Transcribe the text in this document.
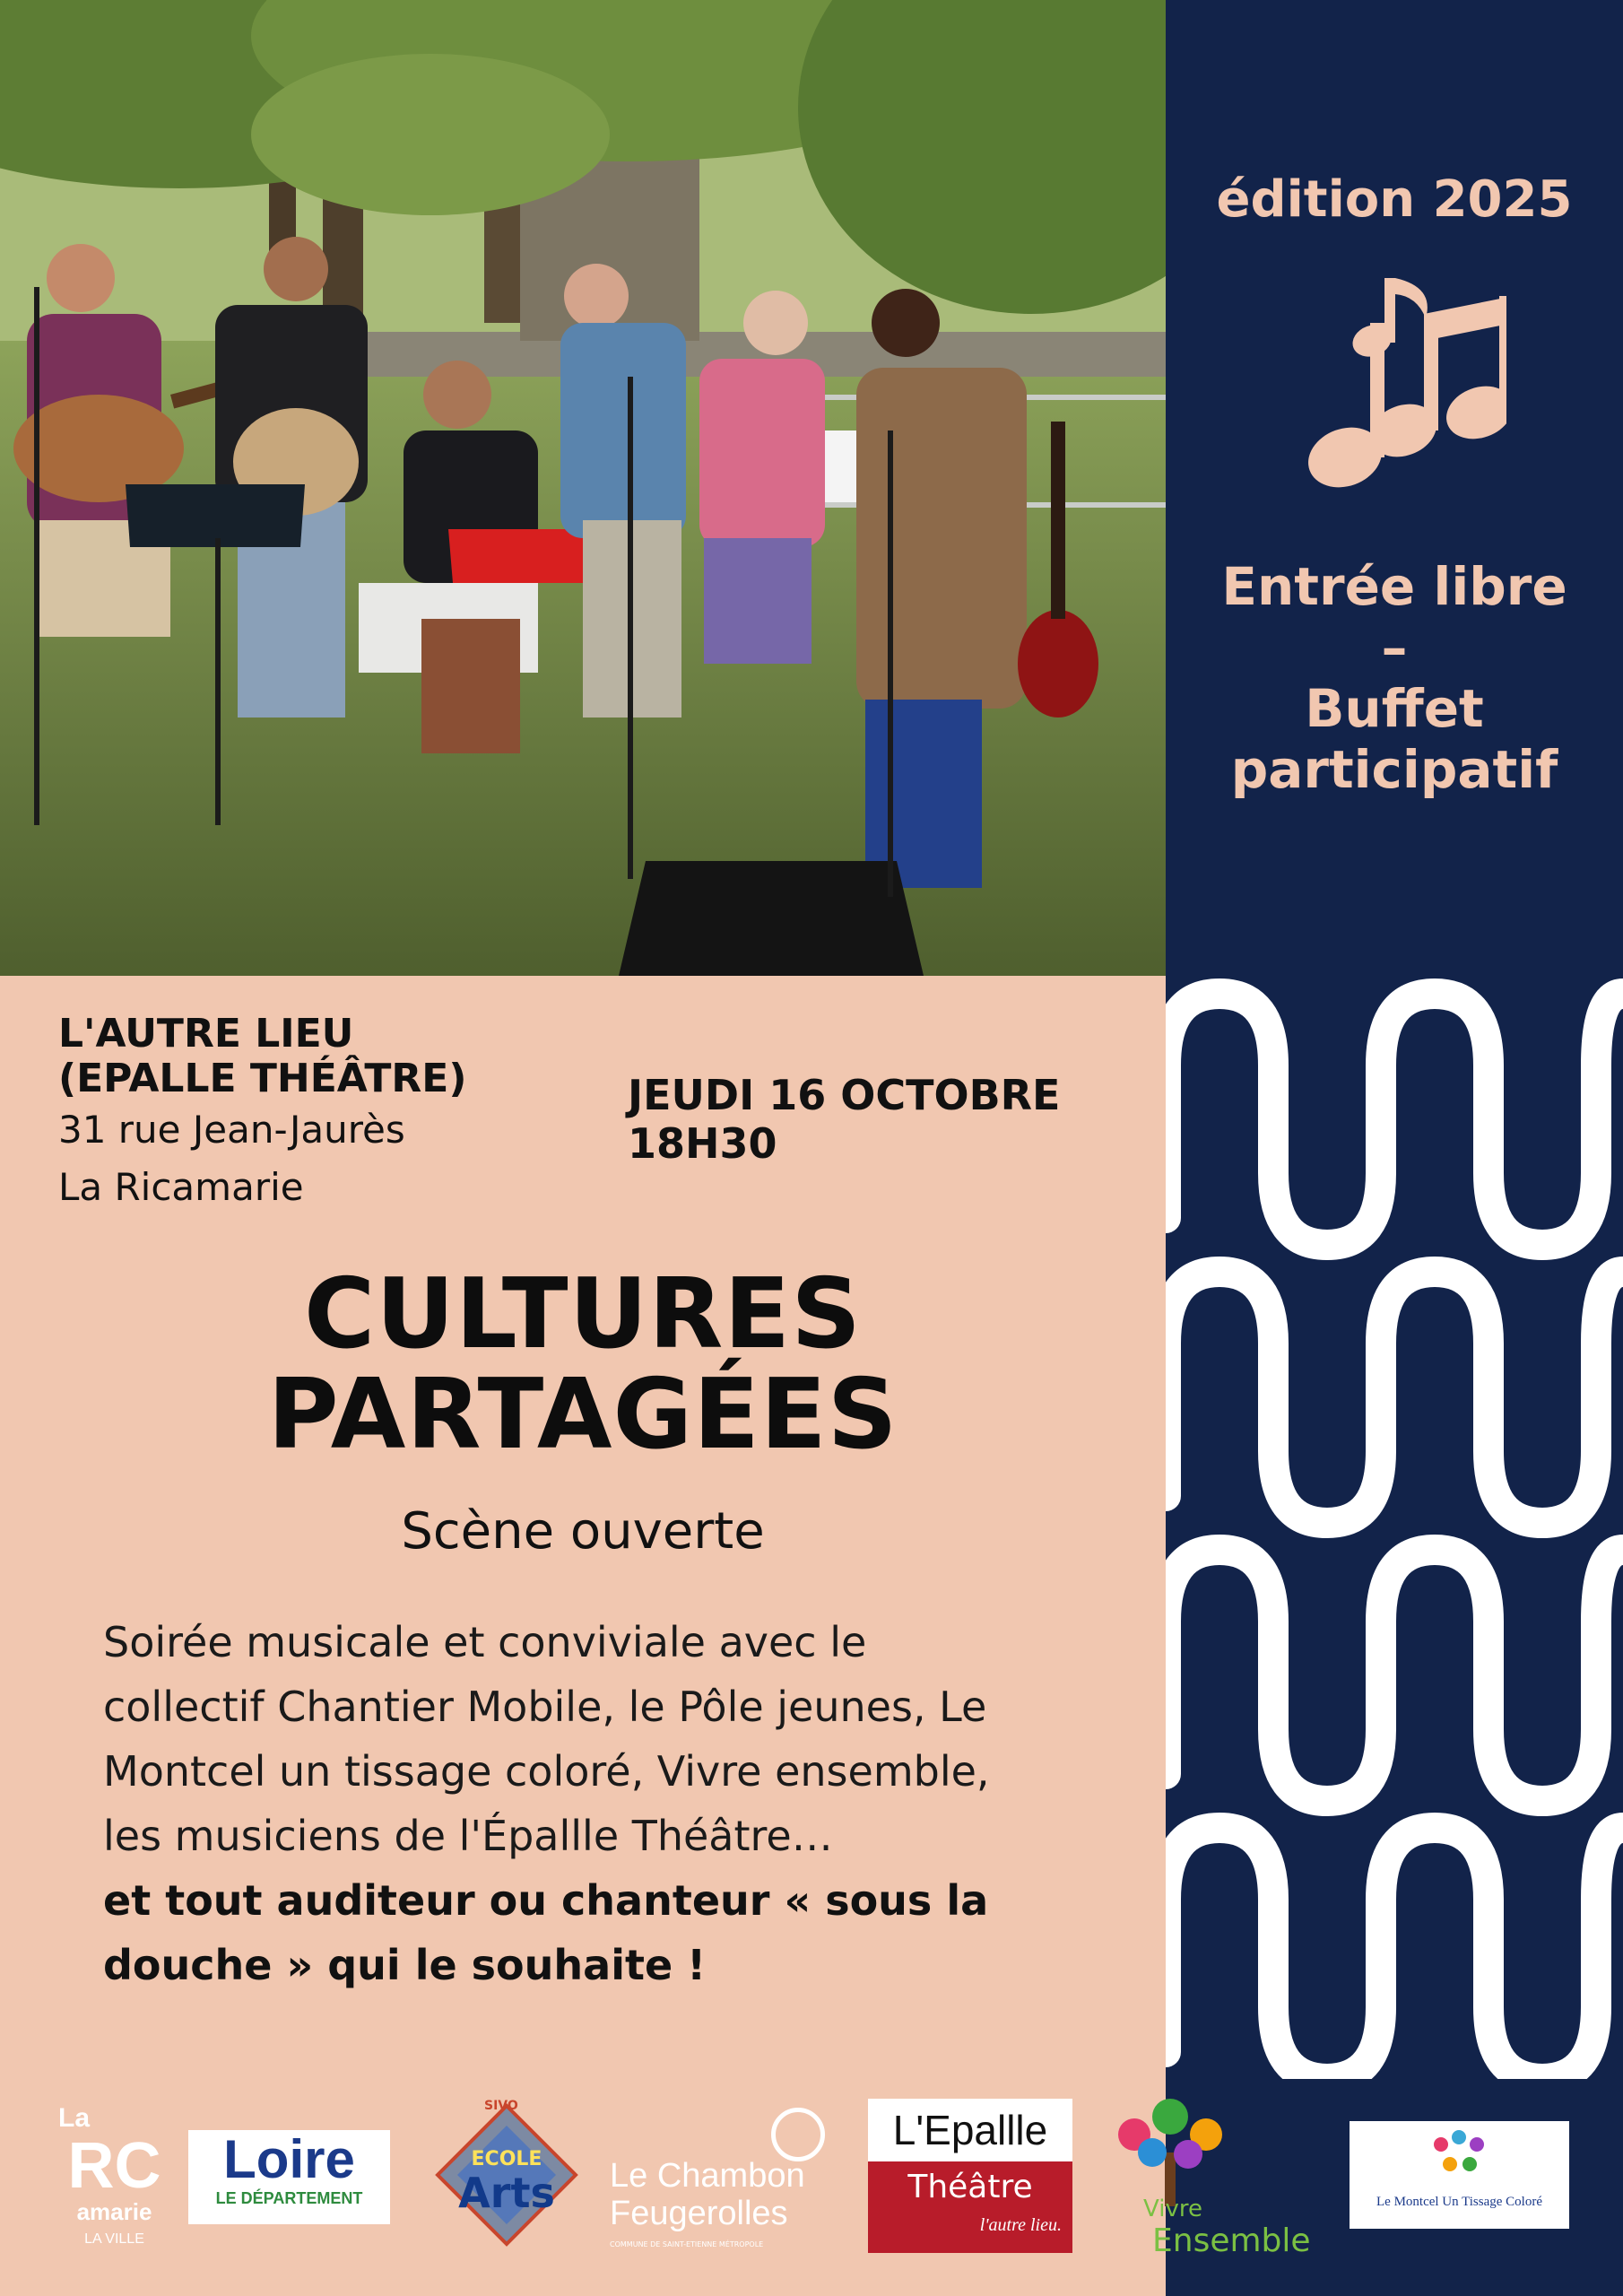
édition 2025
Entrée libre
–
Buffet
participatif
L'AUTRE LIEU
(EPALLE THÉÂTRE)
31 rue Jean-Jaurès
La Ricamarie
JEUDI 16 OCTOBRE
18H30
CULTURES
PARTAGÉES
Scène ouverte
Soirée musicale et conviviale avec le
collectif Chantier Mobile, le Pôle jeunes, Le
Montcel un tissage coloré, Vivre ensemble,
les musiciens de l'Épallle Théâtre…
et tout auditeur ou chanteur « sous la
douche » qui le souhaite !
La
RC
amarie
LA VILLE
Loire
LE DÉPARTEMENT
SIVO
ECOLE
Arts	Le Chambon
Feugerolles
COMMUNE DE SAINT-ETIENNE MÉTROPOLE
L'Epallle
Théâtre
l'autre lieu.
Vivre
Ensemble
Le Montcel Un Tissage Coloré
